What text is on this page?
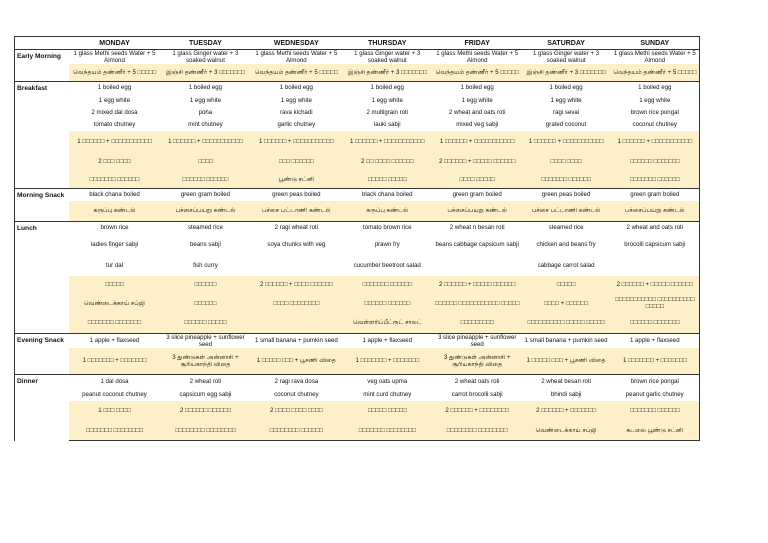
	MONDAY	TUESDAY	WEDNESDAY	THURSDAY	FRIDAY	SATURDAY	SUNDAY
Early Morning	1 glass Methi seeds Water + 5 Almond	1 glass Ginger water + 3 soaked walnut	1 glass Methi seeds Water + 5 Almond	1 glass Ginger water + 3 soaked walnut	1 glass Methi seeds Water + 5 Almond	1 glass Ginger water + 3 soaked walnut	1 glass Methi seeds Water + 5 Almond
	வெந்தயம் தண்ணீர் + 5 □□□□□	இஞ்சி தண்ணீர் + 3 □□□□□□□	வெந்தயம் தண்ணீர் + 5 □□□□□	இஞ்சி தண்ணீர் + 3 □□□□□□□	வெந்தயம் தண்ணீர் + 5 □□□□□	இஞ்சி தண்ணீர் + 3 □□□□□□□	வெந்தயம் தண்ணீர் + 5 □□□□□
Breakfast	1 boiled egg	1 boiled egg	1 boiled egg	1 boiled egg	1 boiled egg	1 boiled egg	1 boiled egg
	1 egg white	1 egg white	1 egg white	1 egg white	1 egg white	1 egg white	1 egg white
	2 mixed dal dosa	poha	rava kichadi	2 multigrain roti	2 wheat and oats roti	ragi sevai	brown rice pongal
	tomato chutney	mint chutney	garlic chutney	lauki sabji	mixed veg sabji	grated coconut	coconut chutney
	1 □□□□□□ + □□□□□□□□□□□	1 □□□□□□ + □□□□□□□□□□□	1 □□□□□□ + □□□□□□□□□□□	1 □□□□□□ + □□□□□□□□□□□	1 □□□□□□ + □□□□□□□□□□□	1 □□□□□□ + □□□□□□□□□□□	1 □□□□□□ + □□□□□□□□□□□
	2 □□□ □□□□	□□□□	□□□ □□□□□□	2 □□ □□□□ □□□□□□	2 □□□□□□ + □□□□□ □□□□□□	□□□□ □□□□	□□□□□□ □□□□□□□
	□□□□□□□ □□□□□□	□□□□□□ □□□□□□	பூண்டு சட்னி	□□□□□ □□□□□	□□□□ □□□□□	□□□□□□□ □□□□□□	□□□□□□□ □□□□□□
Morning Snack	black chana boiled	green gram boiled	green peas boiled	black chana boiled	green gram boiled	green peas boiled	green gram boiled
	கருப்பு கண்டல்	பச்சைப்பயறு கண்டல்	பச்சை பட்டாணி கண்டல்	கருப்பு கண்டல்	பச்சைப்பயறு கண்டல்	பச்சை பட்டாணி கண்டல்	பச்சைப்பயறு கண்டல்
Lunch	brown rice	steamed rice	2 ragi wheat roti	tomato brown rice	2 wheat n besan roti	steamed rice	2 wheat and oats roti
	ladies finger sabji	beans sabji	soya chunks with veg	prawn fry	beans cabbage capsicum sabji	chicken and beans fry	brocolli capsicum sabji
	tur dal	fish curry		cucumber beetroot salad		cabbage carrot salad	
	□□□□□	□□□□□□	2 □□□□□□ + □□□□ □□□□□□	□□□□□□□ □□□□□□	2 □□□□□□ + □□□□□ □□□□□□	□□□□□	2 □□□□□□ + □□□□□ □□□□□□
	வெண்டைக்காய் சப்ஜி	□□□□□□	□□□□ □□□□□□□□	□□□□□□ □□□□□□	□□□□□□ □□□□□□□□□□□ □□□□□	□□□□ + □□□□□□	□□□□□□□□□□□ □□□□□□□□□□ □□□□□
	□□□□□□□ □□□□□□□	□□□□□□ □□□□□		வெள்ளரிப்பீட்ரூட் சாலட்	□□□□□□□□□	□□□□□□□□□□ □□□□□ □□□□□	□□□□□□ □□□□□□□
Evening Snack	1 apple + flaxseed	3 slice pineapple + sunflower seed	1 small banana + pumkin seed	1 apple + flaxseed	3 slice pineapple + sunflower seed	1 small banana + pumkin seed	1 apple + flaxseed
	1 □□□□□□□ + □□□□□□□	3 துண்டுகள் அன்னாசி + சூரியகாந்தி விதை	1 □□□□□ □□□ + பூசணி விதை	1 □□□□□□□ + □□□□□□□	3 துண்டுகள் அன்னாசி + சூரியகாந்தி விதை	1 □□□□□ □□□ + பூசணி விதை	1 □□□□□□□ + □□□□□□□
Dinner	1 dal dosa	2 wheat roti	2 ragi rava dosa	veg oats upma	2 wheat oats roti	2 wheat besan roti	brown rice pongal
	peanut coconut chutney	capsicum egg sabji	coconut chutney	mint curd chutney	carrot brocolli sabji	bhindi sabji	peanut garlic chutney
	1 □□□ □□□□	2 □□□□□□ □□□□□□	2 □□□□ □□□□ □□□□	□□□□□ □□□□□	2 □□□□□□ + □□□□□□□□	2 □□□□□□ + □□□□□□□	□□□□□□□ □□□□□□
	□□□□□□□ □□□□□□□□	□□□□□□□□ □□□□□□□□	□□□□□□□□ □□□□□□	□□□□□□□ □□□□□□□□	□□□□□□□□ □□□□□□□□	வெண்டைக்காய் சப்ஜி	கடலை பூண்டு சட்னி
